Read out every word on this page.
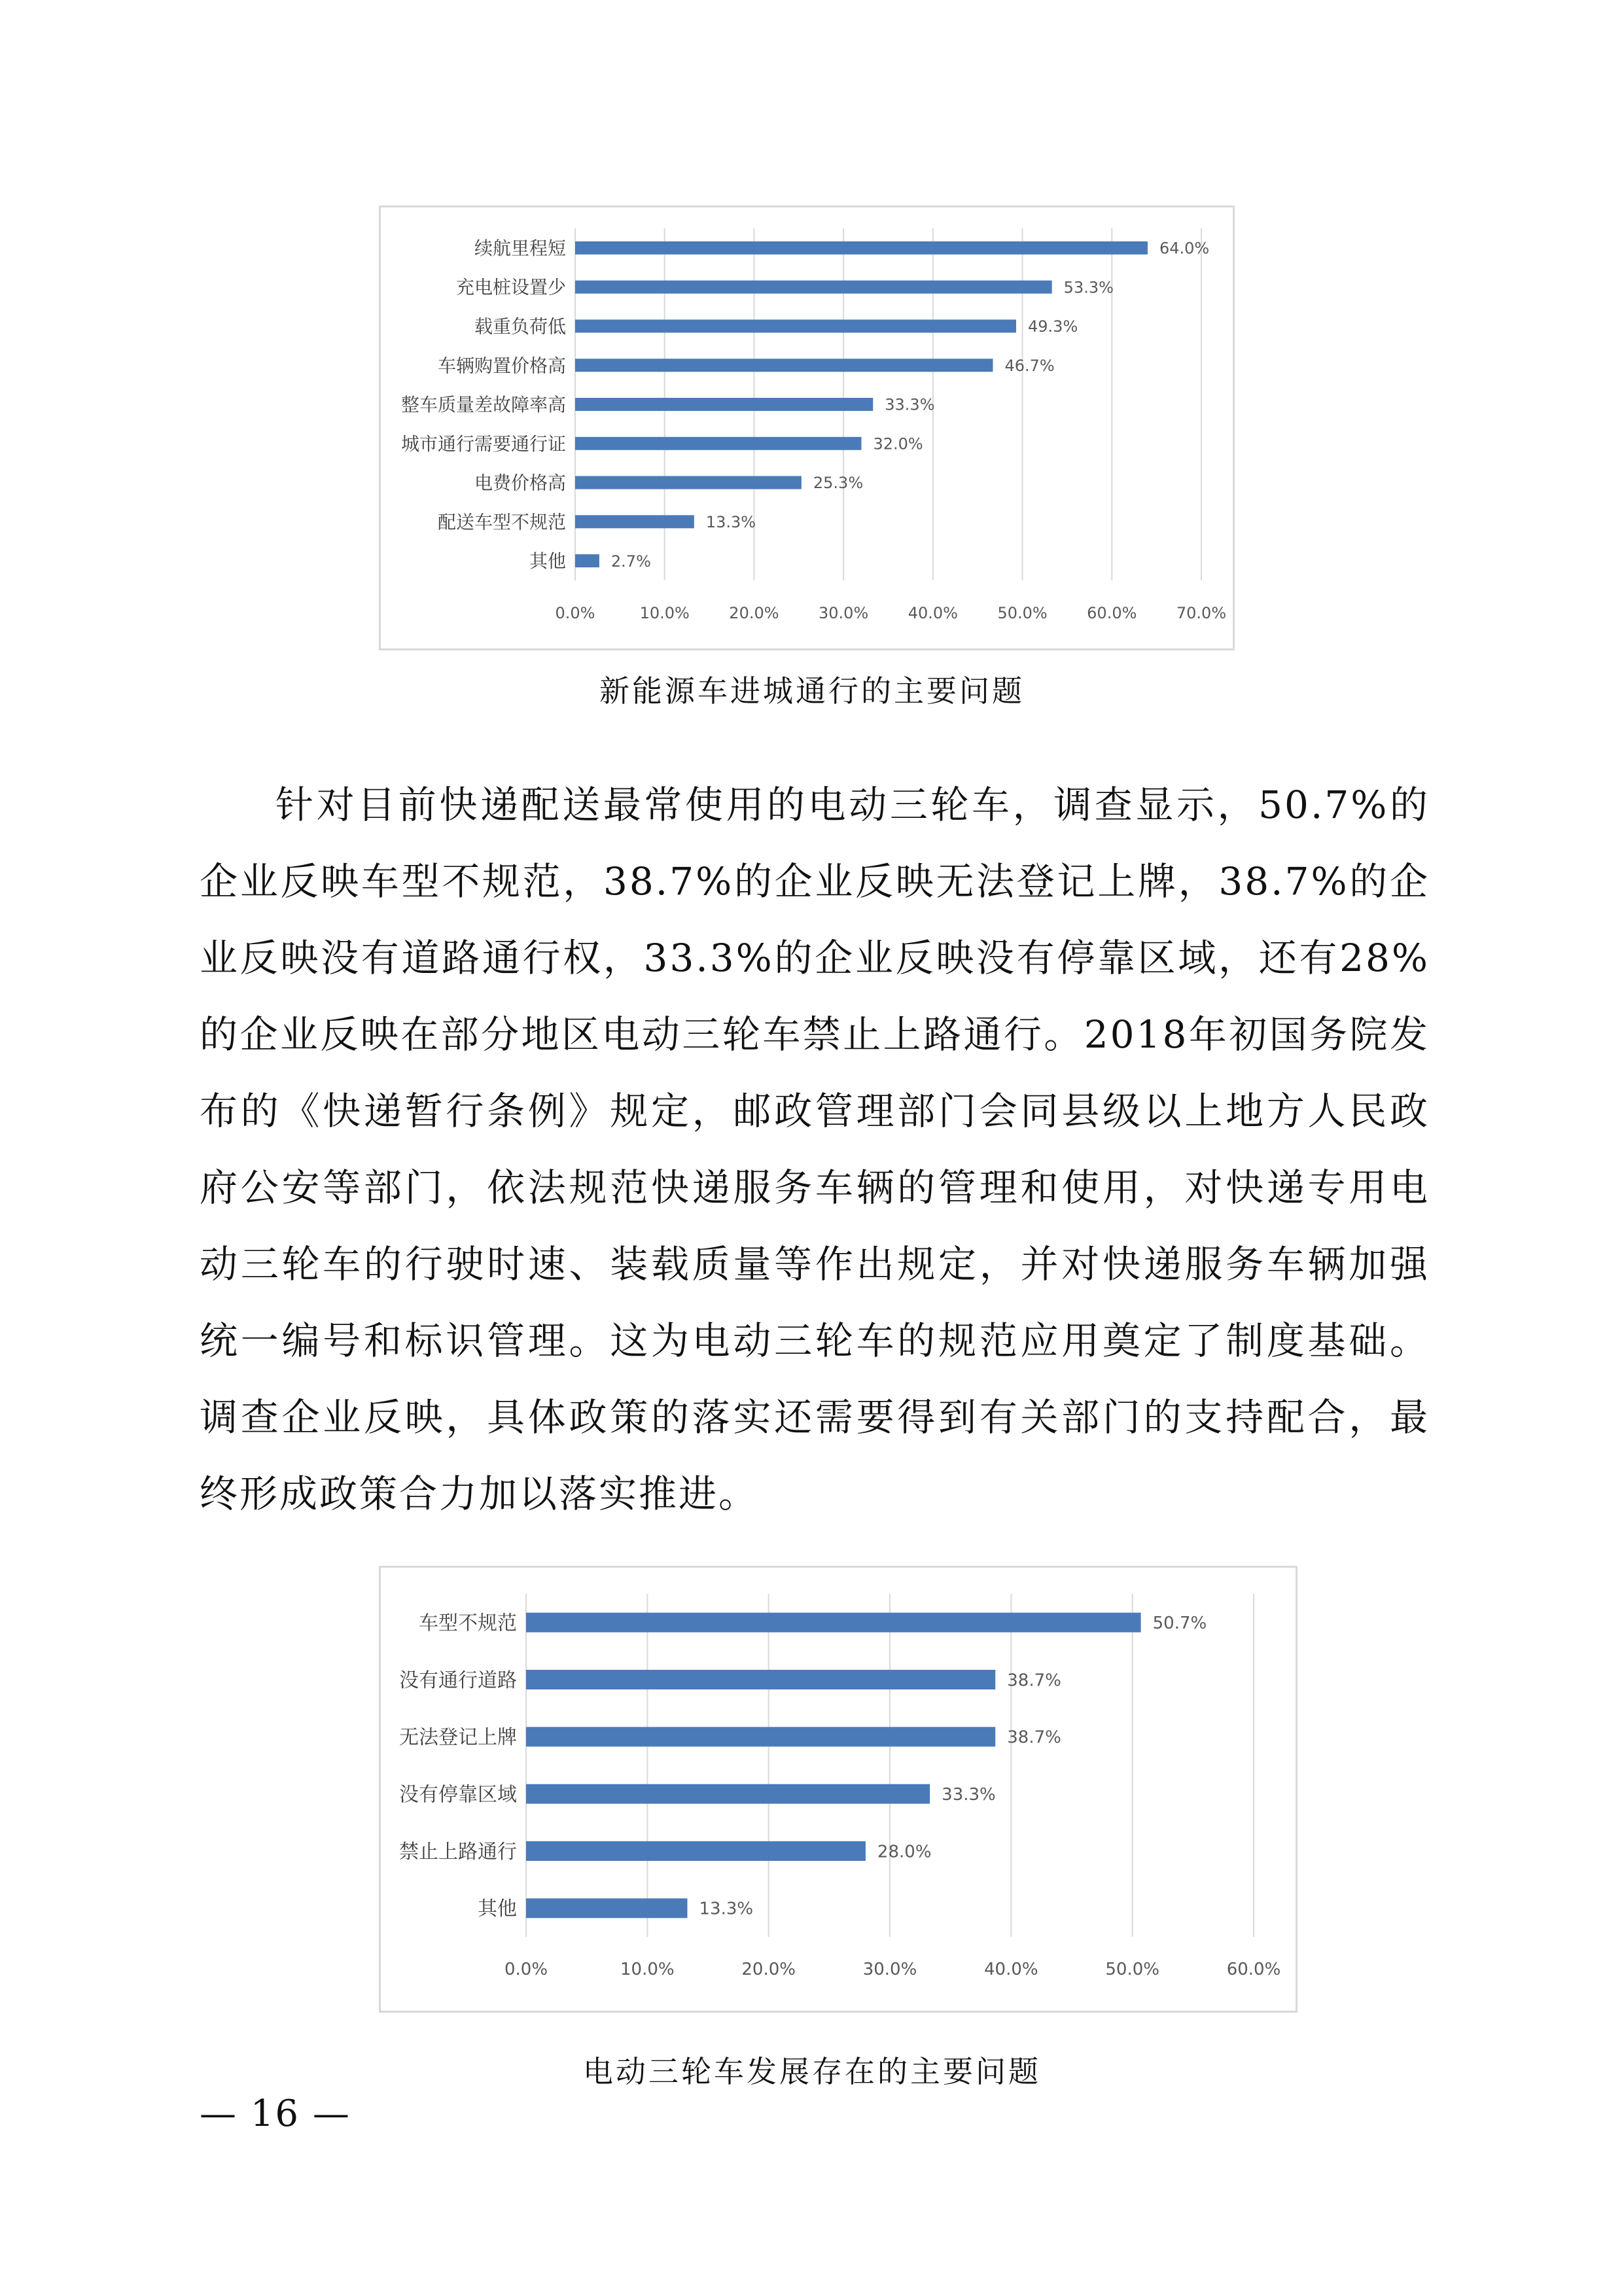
0.0%	10.0%	20.0%	30.0%	40.0%	50.0%	60.0%	70.0%
续航里程短	64.0%
充电桩设置少	53.3%
载重负荷低	49.3%
车辆购置价格高	46.7%
整车质量差故障率高	33.3%
城市通行需要通行证	32.0%
电费价格高	25.3%
配送车型不规范	13.3%
其他	2.7%
新能源车进城通行的主要问题

针对目前快递配送最常使用的电动三轮车，调查显示，50.7%的企业反映车型不规范，38.7%的企业反映无法登记上牌，38.7%的企业反映没有道路通行权，33.3%的企业反映没有停靠区域，还有28%的企业反映在部分地区电动三轮车禁止上路通行。2018年初国务院发布的《快递暂行条例》规定，邮政管理部门会同县级以上地方人民政府公安等部门，依法规范快递服务车辆的管理和使用，对快递专用电动三轮车的行驶时速、装载质量等作出规定，并对快递服务车辆加强统一编号和标识管理。这为电动三轮车的规范应用奠定了制度基础。调查企业反映，具体政策的落实还需要得到有关部门的支持配合，最终形成政策合力加以落实推进。

0.0%	10.0%	20.0%	30.0%	40.0%	50.0%	60.0%
车型不规范	50.7%
没有通行道路	38.7%
无法登记上牌	38.7%
没有停靠区域	33.3%
禁止上路通行	28.0%
其他	13.3%
电动三轮车发展存在的主要问题
— 16 —
